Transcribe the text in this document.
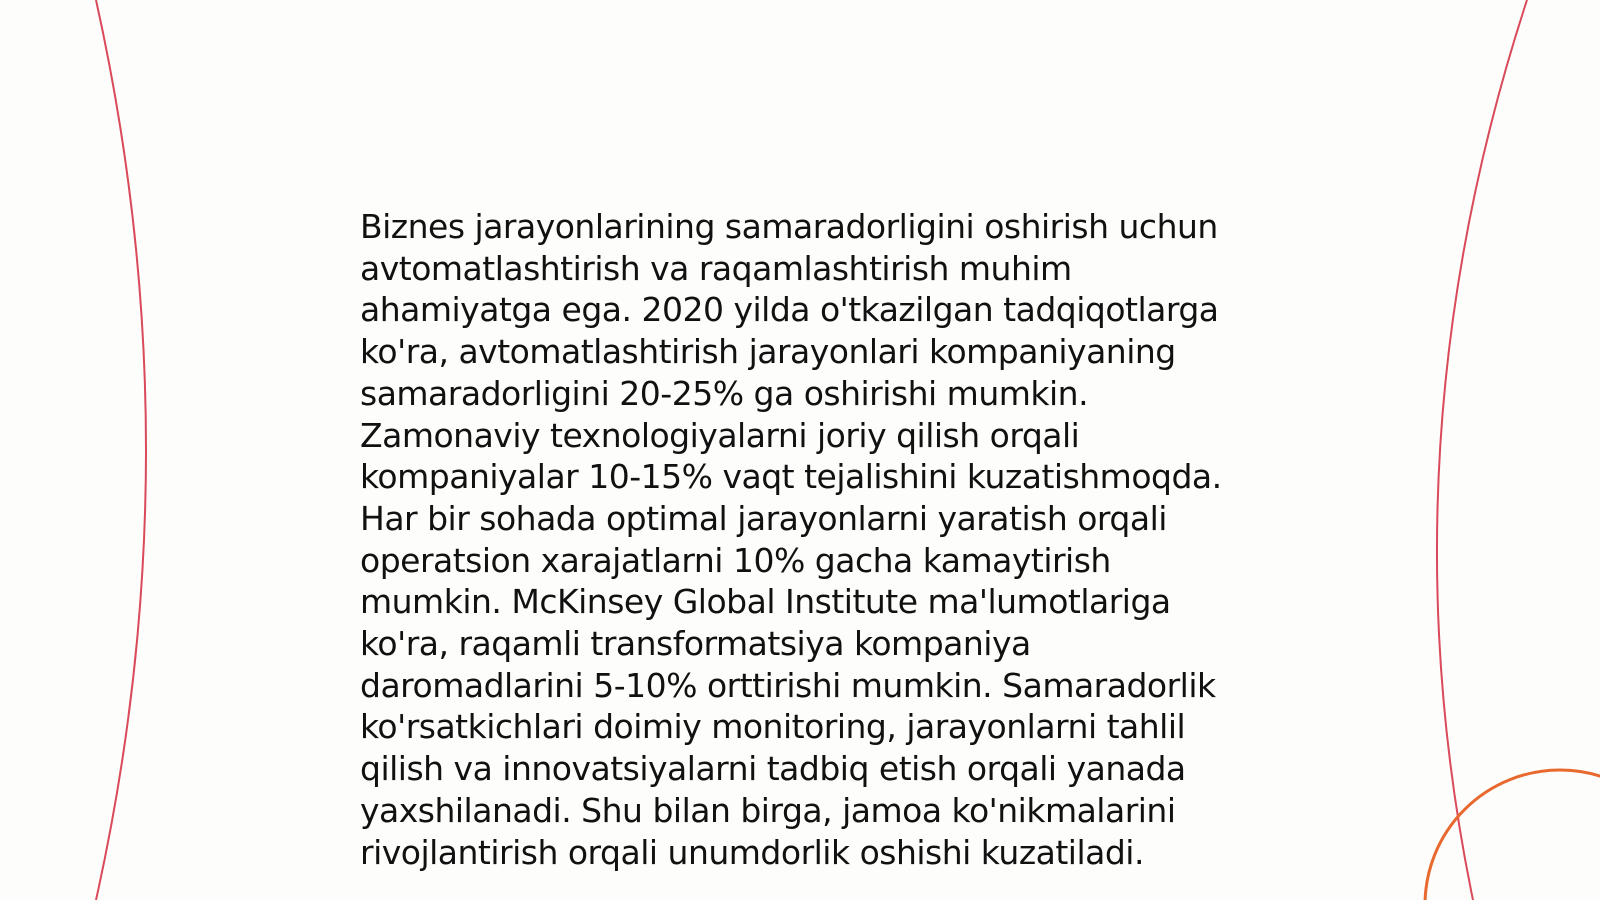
Biznes jarayonlarining samaradorligini oshirish uchun
avtomatlashtirish va raqamlashtirish muhim
ahamiyatga ega. 2020 yilda o'tkazilgan tadqiqotlarga
ko'ra, avtomatlashtirish jarayonlari kompaniyaning
samaradorligini 20-25% ga oshirishi mumkin.
Zamonaviy texnologiyalarni joriy qilish orqali
kompaniyalar 10-15% vaqt tejalishini kuzatishmoqda.
Har bir sohada optimal jarayonlarni yaratish orqali
operatsion xarajatlarni 10% gacha kamaytirish
mumkin. McKinsey Global Institute ma'lumotlariga
ko'ra, raqamli transformatsiya kompaniya
daromadlarini 5-10% orttirishi mumkin. Samaradorlik
ko'rsatkichlari doimiy monitoring, jarayonlarni tahlil
qilish va innovatsiyalarni tadbiq etish orqali yanada
yaxshilanadi. Shu bilan birga, jamoa ko'nikmalarini
rivojlantirish orqali unumdorlik oshishi kuzatiladi.
